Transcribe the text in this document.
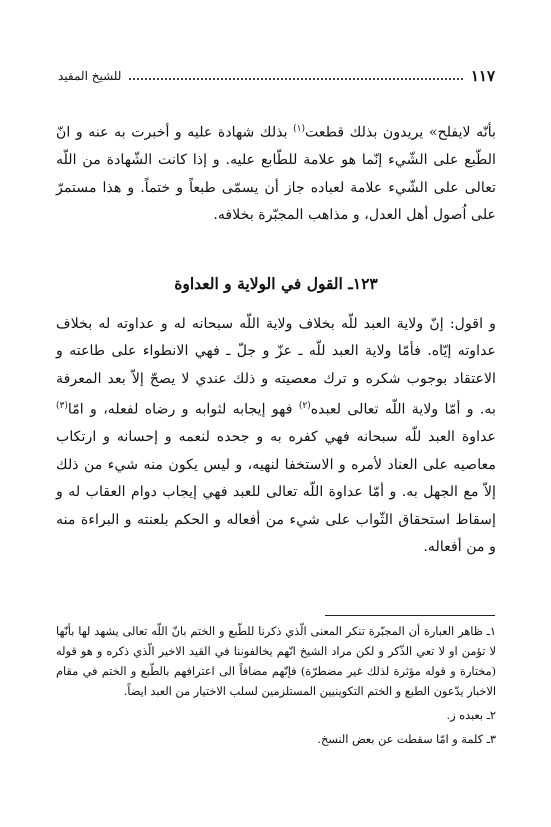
١١٧
للشيخ المفيد

بأنّه لايفلح» يريدون بذلك قطعت$^{(١)}$ بذلك شهادة عليه و أخبرت به عنه و انّ الطّبع على الشّيء إنّما هو علامة للطّابع عليه. و إذا كانت الشّهادة من اللّه تعالى على الشّيء علامة لعباده جاز أن يسمّى طبعاً و ختماً. و هذا مستمرّ على اُصول أهل العدل، و مذاهب المجبّرة بخلافه.

١٢٣ـ القول في الولاية و العداوة

و اقول: إنّ ولاية العبد للّه بخلاف ولاية اللّه سبحانه له و عداوته له بخلاف عداوته إيّاه. فأمّا ولاية العبد للّه ـ عزّ و جلّ ـ فهي الانطواء على طاعته و الاعتقاد بوجوب شكره و ترك معصيته و ذلك عندي لا يصحّ إلاّ بعد المعرفة به. و أمّا ولاية اللّه تعالى لعبده$^{(٢)}$ فهو إيجابه لثوابه و رضاه لفعله، و امّا$^{(٣)}$ عداوة العبد للّه سبحانه فهي كفره به و جحده لنعمه و إحسانه و ارتكاب معاصيه على العناد لأمره و الاستخفا لنهيه، و ليس يكون منه شيء من ذلك إلاّ مع الجهل به. و أمّا عداوة اللّه تعالى للعبد فهي إيجاب دوام العقاب له و إسقاط استحقاق الثّواب على شيء من أفعاله و الحكم بلعنته و البراءة منه و من أفعاله.

١ـ ظاهر العبارة أن المجبّرة تنكر المعنى الّذي ذكرنا للطّبع و الختم بانّ اللّه تعالى يشهد لها بأنّها لا تؤمن او لا تعي الذّكر و لكن مراد الشيخ انّهم يخالفوننا في القيد الاخير الّذي ذكره و هو قوله (مختارة و قوله مؤثرة لذلك غير مضطرّة) فإنّهم مضافاً الى اعترافهم بالطّبع و الختم في مقام الاخبار يدّعون الطبع و الختم التكوينيين المستلزمين لسلب الاختيار من العبد ايضاً.

٢ـ بعبده ز.

٣ـ كلمة و امّا سقطت عن بعض النسخ.
